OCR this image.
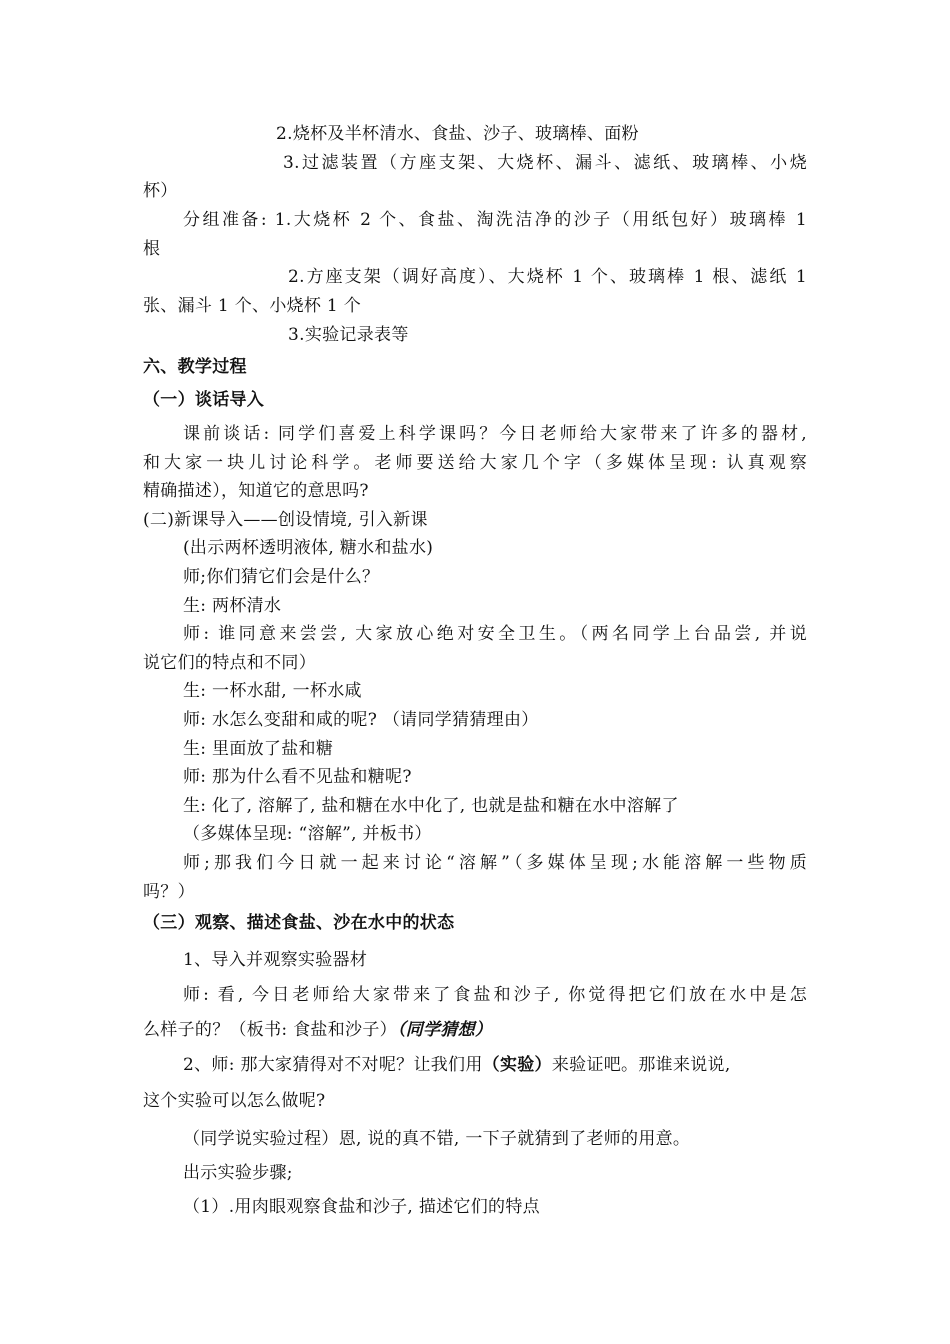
2.烧杯及半杯清水、食盐、沙子、玻璃棒、面粉
3.过滤装置（方座支架、大烧杯、漏斗、滤纸、玻璃棒、小烧
杯）
分组准备: 1.大烧杯 2 个、食盐、淘洗洁净的沙子（用纸包好）玻璃棒 1
根
2.方座支架（调好高度）、大烧杯 1 个、玻璃棒 1 根、滤纸 1
张、漏斗 1 个、小烧杯 1 个
3.实验记录表等
六、教学过程
（一）谈话导入
课前谈话: 同学们喜爱上科学课吗？今日老师给大家带来了许多的器材,
和大家一块儿讨论科学。老师要送给大家几个字（多媒体呈现: 认真观察
精确描述），知道它的意思吗?
(二)新课导入——创设情境, 引入新课
(出示两杯透明液体, 糖水和盐水)
师;你们猜它们会是什么？
生: 两杯清水
师: 谁同意来尝尝, 大家放心绝对安全卫生。（两名同学上台品尝, 并说
说它们的特点和不同）
生: 一杯水甜, 一杯水咸
师: 水怎么变甜和咸的呢? （请同学猜猜理由）
生: 里面放了盐和糖
师: 那为什么看不见盐和糖呢?
生: 化了, 溶解了, 盐和糖在水中化了, 也就是盐和糖在水中溶解了
（多媒体呈现: “溶解”, 并板书）
师;那我们今日就一起来讨论“溶解”（多媒体呈现;水能溶解一些物质
吗？）
（三）观察、描述食盐、沙在水中的状态
1、导入并观察实验器材
师: 看, 今日老师给大家带来了食盐和沙子, 你觉得把它们放在水中是怎
么样子的？（板书: 食盐和沙子）（同学猜想）
2、师: 那大家猜得对不对呢？让我们用（实验）来验证吧。那谁来说说,
这个实验可以怎么做呢?
（同学说实验过程）恩, 说的真不错, 一下子就猜到了老师的用意。
出示实验步骤;
（1）.用肉眼观察食盐和沙子, 描述它们的特点
